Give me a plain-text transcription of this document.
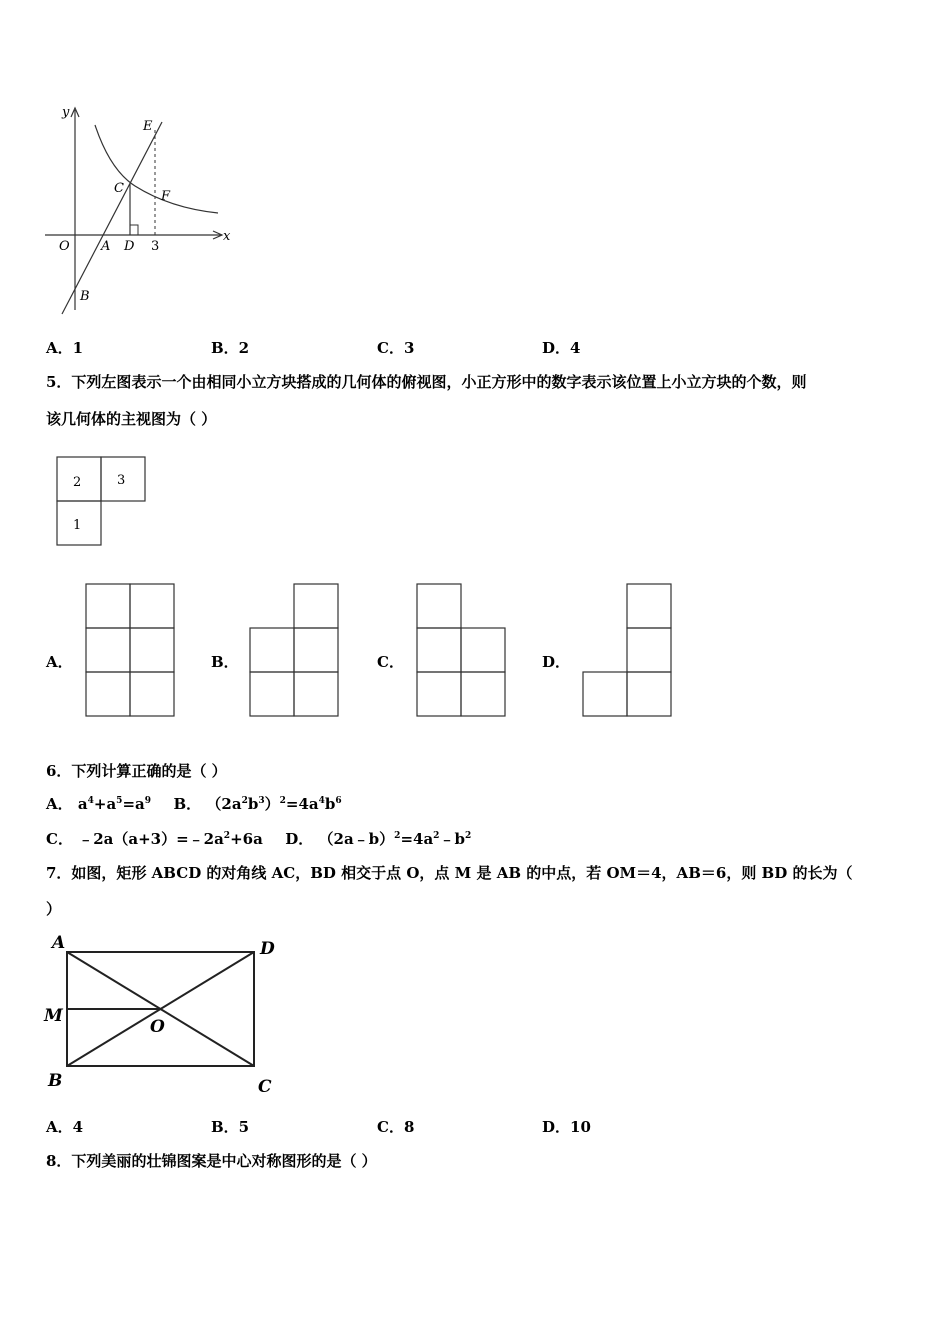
y
E
C
F
O A D 3
x
B
A．1	B．2	C．3	D．4
5．下列左图表示一个由相同小立方块搭成的几何体的俯视图，小正方形中的数字表示该位置上小立方块的个数，则
该几何体的主视图为（ ）
2	3
1
A．	B．	C．	D．
6．下列计算正确的是（ ）
A． $a^4+a^5=a^9$ B． $(2a^2b^3)^2=4a^4b^6$
C． $﹣2a(a+3)=﹣2a^2+6a$ D． $(2a﹣b)^2=4a^2﹣b^2$
7．如图，矩形 ABCD 的对角线 AC，BD 相交于点 O，点 M 是 AB 的中点，若 OM＝4，AB＝6，则 BD 的长为（
）
A	D
M
O
B	C
A．4	B．5	C．8	D．10
8．下列美丽的壮锦图案是中心对称图形的是（ ）
